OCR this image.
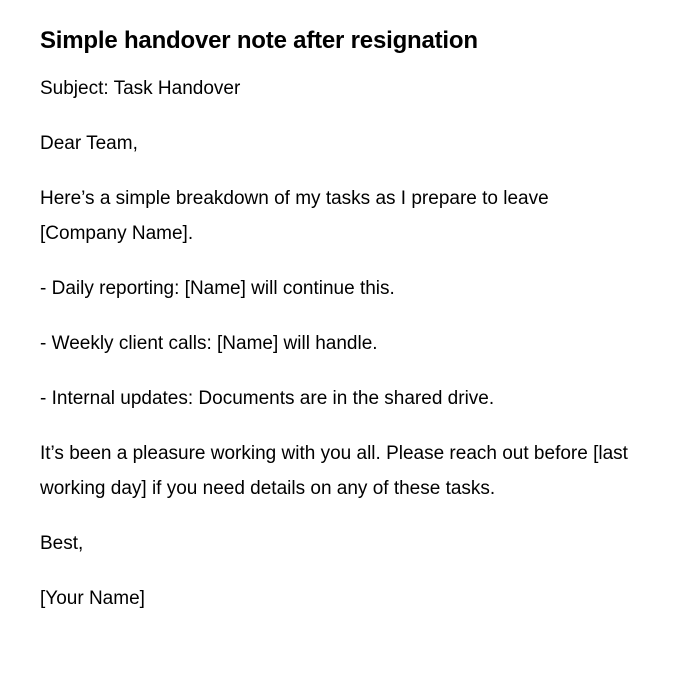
Simple handover note after resignation

Subject: Task Handover

Dear Team,

Here’s a simple breakdown of my tasks as I prepare to leave [Company Name].

- Daily reporting: [Name] will continue this.

- Weekly client calls: [Name] will handle.

- Internal updates: Documents are in the shared drive.

It’s been a pleasure working with you all. Please reach out before [last working day] if you need details on any of these tasks.

Best,

[Your Name]
